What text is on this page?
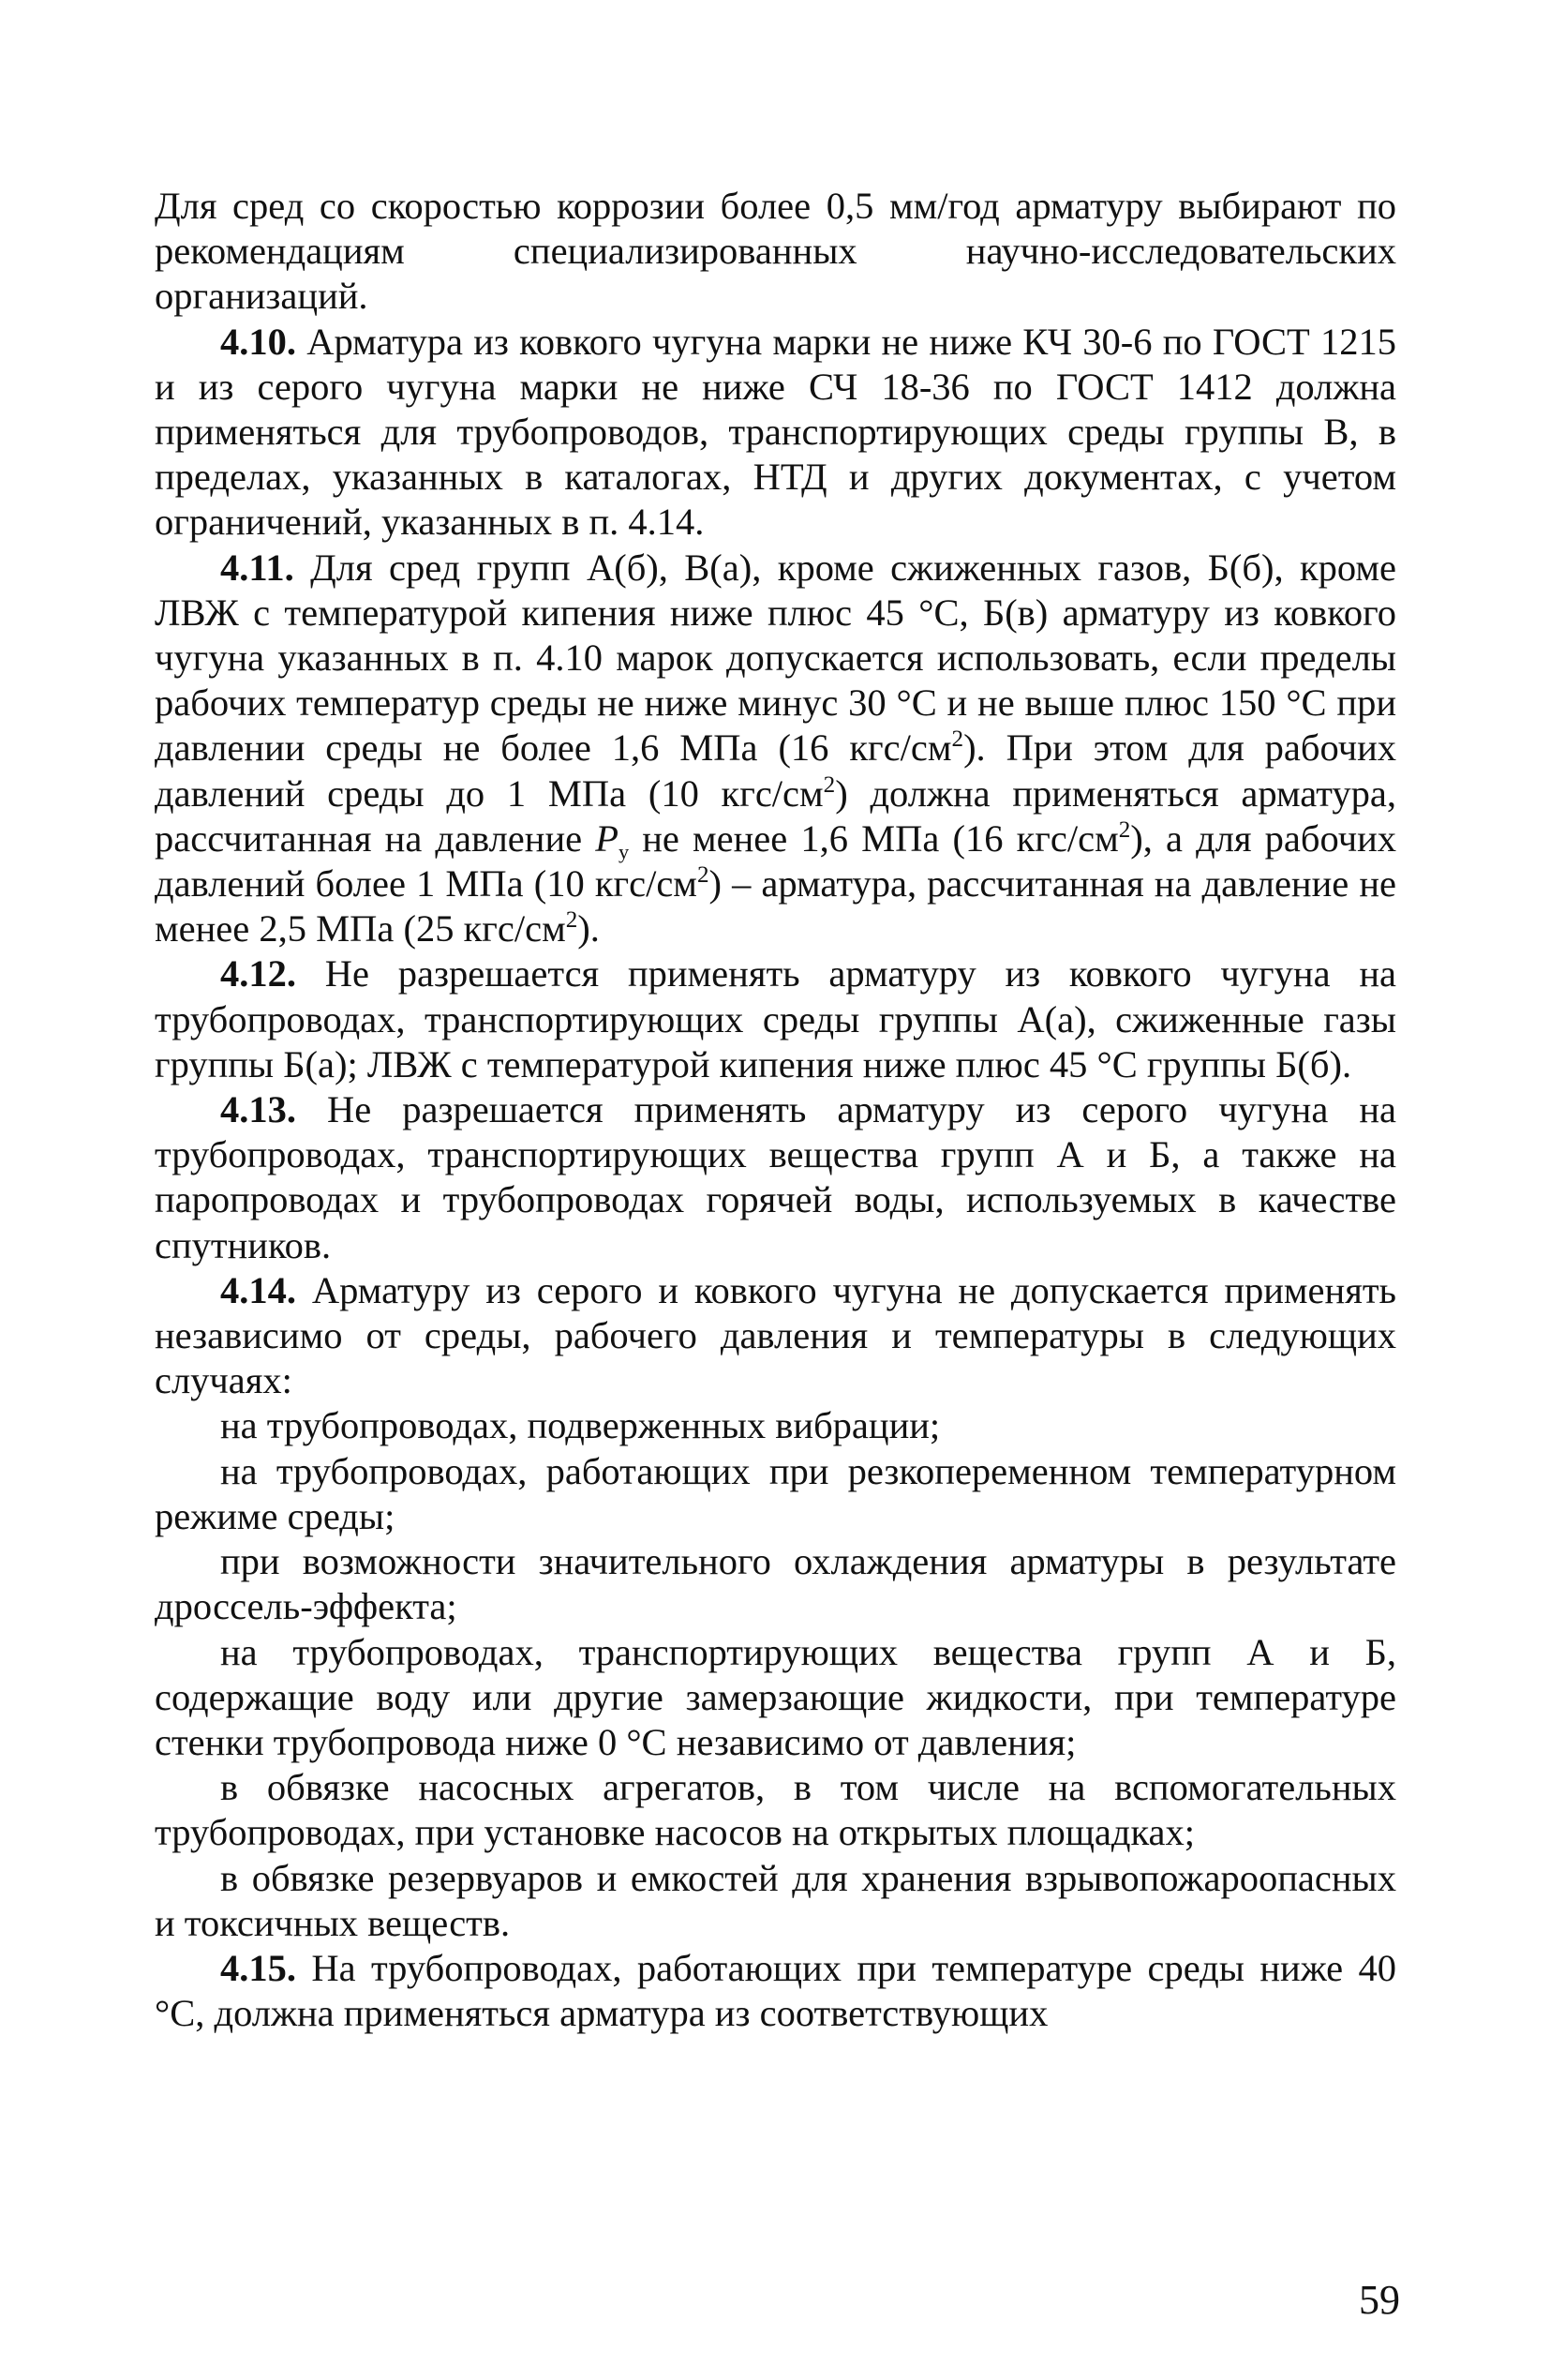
Для сред со скоростью коррозии более 0,5 мм/год арматуру выбирают по рекомендациям специализированных научно-исследовательских организаций.

4.10. Арматура из ковкого чугуна марки не ниже КЧ 30-6 по ГОСТ 1215 и из серого чугуна марки не ниже СЧ 18-36 по ГОСТ 1412 должна применяться для трубопроводов, транспортирующих среды группы В, в пределах, указанных в каталогах, НТД и других документах, с учетом ограничений, указанных в п. 4.14.

4.11. Для сред групп А(б), В(а), кроме сжиженных газов, Б(б), кроме ЛВЖ с температурой кипения ниже плюс 45 °С, Б(в) арматуру из ковкого чугуна указанных в п. 4.10 марок допускается использовать, если пределы рабочих температур среды не ниже минус 30 °С и не выше плюс 150 °С при давлении среды не более 1,6 МПа (16 кгс/$см^2$). При этом для рабочих давлений среды до 1 МПа (10 кгс/$см^2$) должна применяться арматура, рассчитанная на давление $P_y$ не менее 1,6 МПа (16 кгс/$см^2$), а для рабочих давлений более 1 МПа (10 кгс/$см^2$) – арматура, рассчитанная на давление не менее 2,5 МПа (25 кгс/$см^2$).

4.12. Не разрешается применять арматуру из ковкого чугуна на трубопроводах, транспортирующих среды группы А(а), сжиженные газы группы Б(а); ЛВЖ с температурой кипения ниже плюс 45 °С группы Б(б).

4.13. Не разрешается применять арматуру из серого чугуна на трубопроводах, транспортирующих вещества групп А и Б, а также на паропроводах и трубопроводах горячей воды, используемых в качестве спутников.

4.14. Арматуру из серого и ковкого чугуна не допускается применять независимо от среды, рабочего давления и температуры в следующих случаях:

на трубопроводах, подверженных вибрации;

на трубопроводах, работающих при резкопеременном температурном режиме среды;

при возможности значительного охлаждения арматуры в результате дроссель-эффекта;

на трубопроводах, транспортирующих вещества групп А и Б, содержащие воду или другие замерзающие жидкости, при температуре стенки трубопровода ниже 0 °С независимо от давления;

в обвязке насосных агрегатов, в том числе на вспомогательных трубопроводах, при установке насосов на открытых площадках;

в обвязке резервуаров и емкостей для хранения взрывопожароопасных и токсичных веществ.

4.15. На трубопроводах, работающих при температуре среды ниже 40 °С, должна применяться арматура из соответствующих

59
